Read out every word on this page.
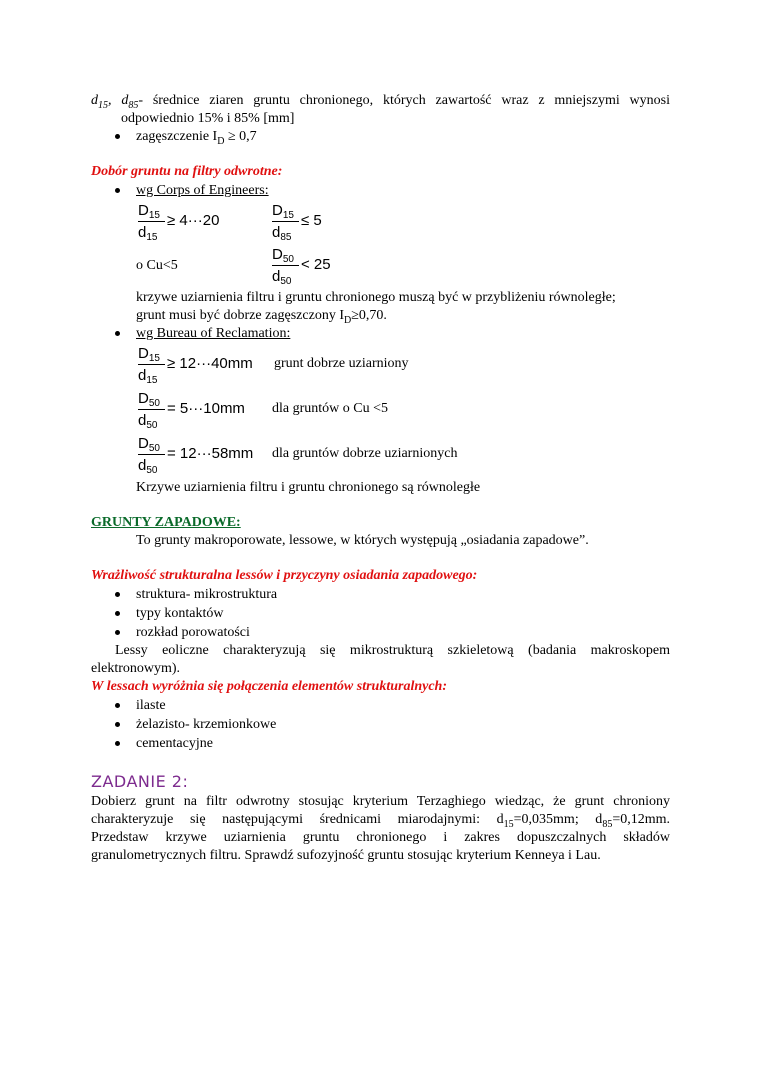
$d_{15}$, $d_{85}-$ średnice ziaren gruntu chronionego, których zawartość wraz z mniejszymi wynosi
odpowiednio 15% i 85% [mm]
zagęszczenie $I_D \ge 0,7$
Dobór gruntu na filtry odwrotne:
wg Corps of Engineers:
$D_{15}$
$d_{15}$
≥ 4···20
$D_{15}$
$d_{85}$
≤ 5
o Cu<5
$D_{50}$
$d_{50}$
< 25
krzywe uziarnienia filtru i gruntu chronionego muszą być w przybliżeniu równoległe;
grunt musi być dobrze zagęszczony $I_D\ge 0,70$.
wg Bureau of Reclamation:
$D_{15}$
$d_{15}$
≥ 12···40mm grunt dobrze uziarniony
$D_{50}$
$d_{50}$
= 5···10mm dla gruntów o Cu <5
$D_{50}$
$d_{50}$
= 12···58mm dla gruntów dobrze uziarnionych
Krzywe uziarnienia filtru i gruntu chronionego są równoległe
GRUNTY ZAPADOWE:
To grunty makroporowate, lessowe, w których występują „osiadania zapadowe”.
Wrażliwość strukturalna lessów i przyczyny osiadania zapadowego:
struktura- mikrostruktura
typy kontaktów
rozkład porowatości
Lessy eoliczne charakteryzują się mikrostrukturą szkieletową (badania makroskopem
elektronowym).
W lessach wyróżnia się połączenia elementów strukturalnych:
ilaste
żelazisto- krzemionkowe
cementacyjne
ZADANIE 2:
Dobierz grunt na filtr odwrotny stosując kryterium Terzaghiego wiedząc, że grunt chroniony
charakteryzuje się następującymi średnicami miarodajnymi: $d_{15}=0,035mm$; $d_{85}=0,12mm$.
Przedstaw krzywe uziarnienia gruntu chronionego i zakres dopuszczalnych składów
granulometrycznych filtru. Sprawdź sufozyjność gruntu stosując kryterium Kenneya i Lau.
